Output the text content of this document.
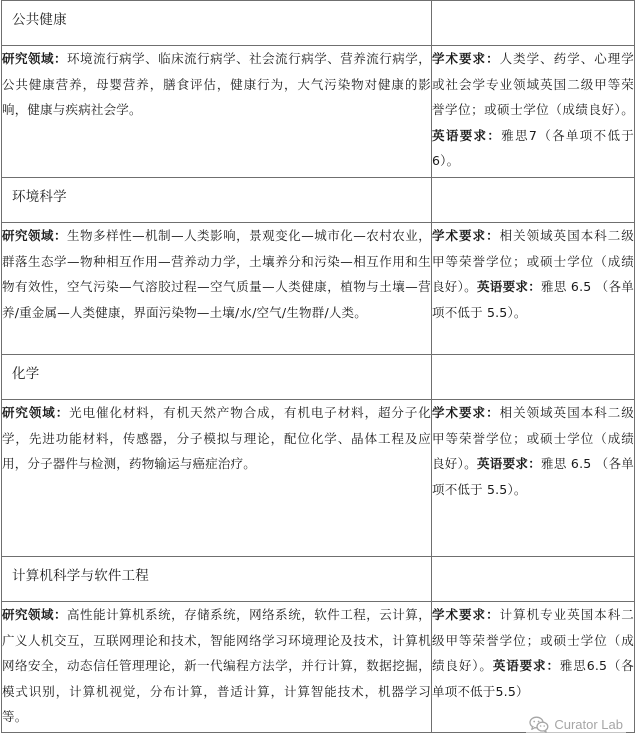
公共健康	
研究领域：环境流行病学、临床流行病学、社会流行病学、营养流行病学，公共健康营养，母婴营养，膳食评估，健康行为，大气污染物对健康的影响，健康与疾病社会学。	学术要求：人类学、药学、心理学或社会学专业领域英国二级甲等荣誉学位；或硕士学位（成绩良好）。英语要求：雅思7（各单项不低于6）。
环境科学	
研究领域：生物多样性—机制—人类影响，景观变化—城市化—农村农业，群落生态学—物种相互作用—营养动力学，土壤养分和污染—相互作用和生物有效性，空气污染—气溶胶过程—空气质量—人类健康，植物与土壤—营养/重金属—人类健康，界面污染物—土壤/水/空气/生物群/人类。	学术要求：相关领域英国本科二级甲等荣誉学位；或硕士学位（成绩良好）。英语要求：雅思 6.5 （各单项不低于 5.5）。
化学	
研究领域：光电催化材料，有机天然产物合成，有机电子材料，超分子化学，先进功能材料，传感器，分子模拟与理论，配位化学、晶体工程及应用，分子器件与检测，药物输运与癌症治疗。	学术要求：相关领域英国本科二级甲等荣誉学位；或硕士学位（成绩良好）。英语要求：雅思 6.5 （各单项不低于 5.5）。
计算机科学与软件工程	
研究领域：高性能计算机系统，存储系统，网络系统，软件工程，云计算，广义人机交互，互联网理论和技术，智能网络学习环境理论及技术，计算机网络安全，动态信任管理理论，新一代编程方法学，并行计算，数据挖掘，模式识别，计算机视觉，分布计算，普适计算，计算智能技术，机器学习等。	学术要求：计算机专业英国本科二级甲等荣誉学位；或硕士学位（成绩良好）。英语要求：雅思6.5（各单项不低于5.5）
Curator Lab
